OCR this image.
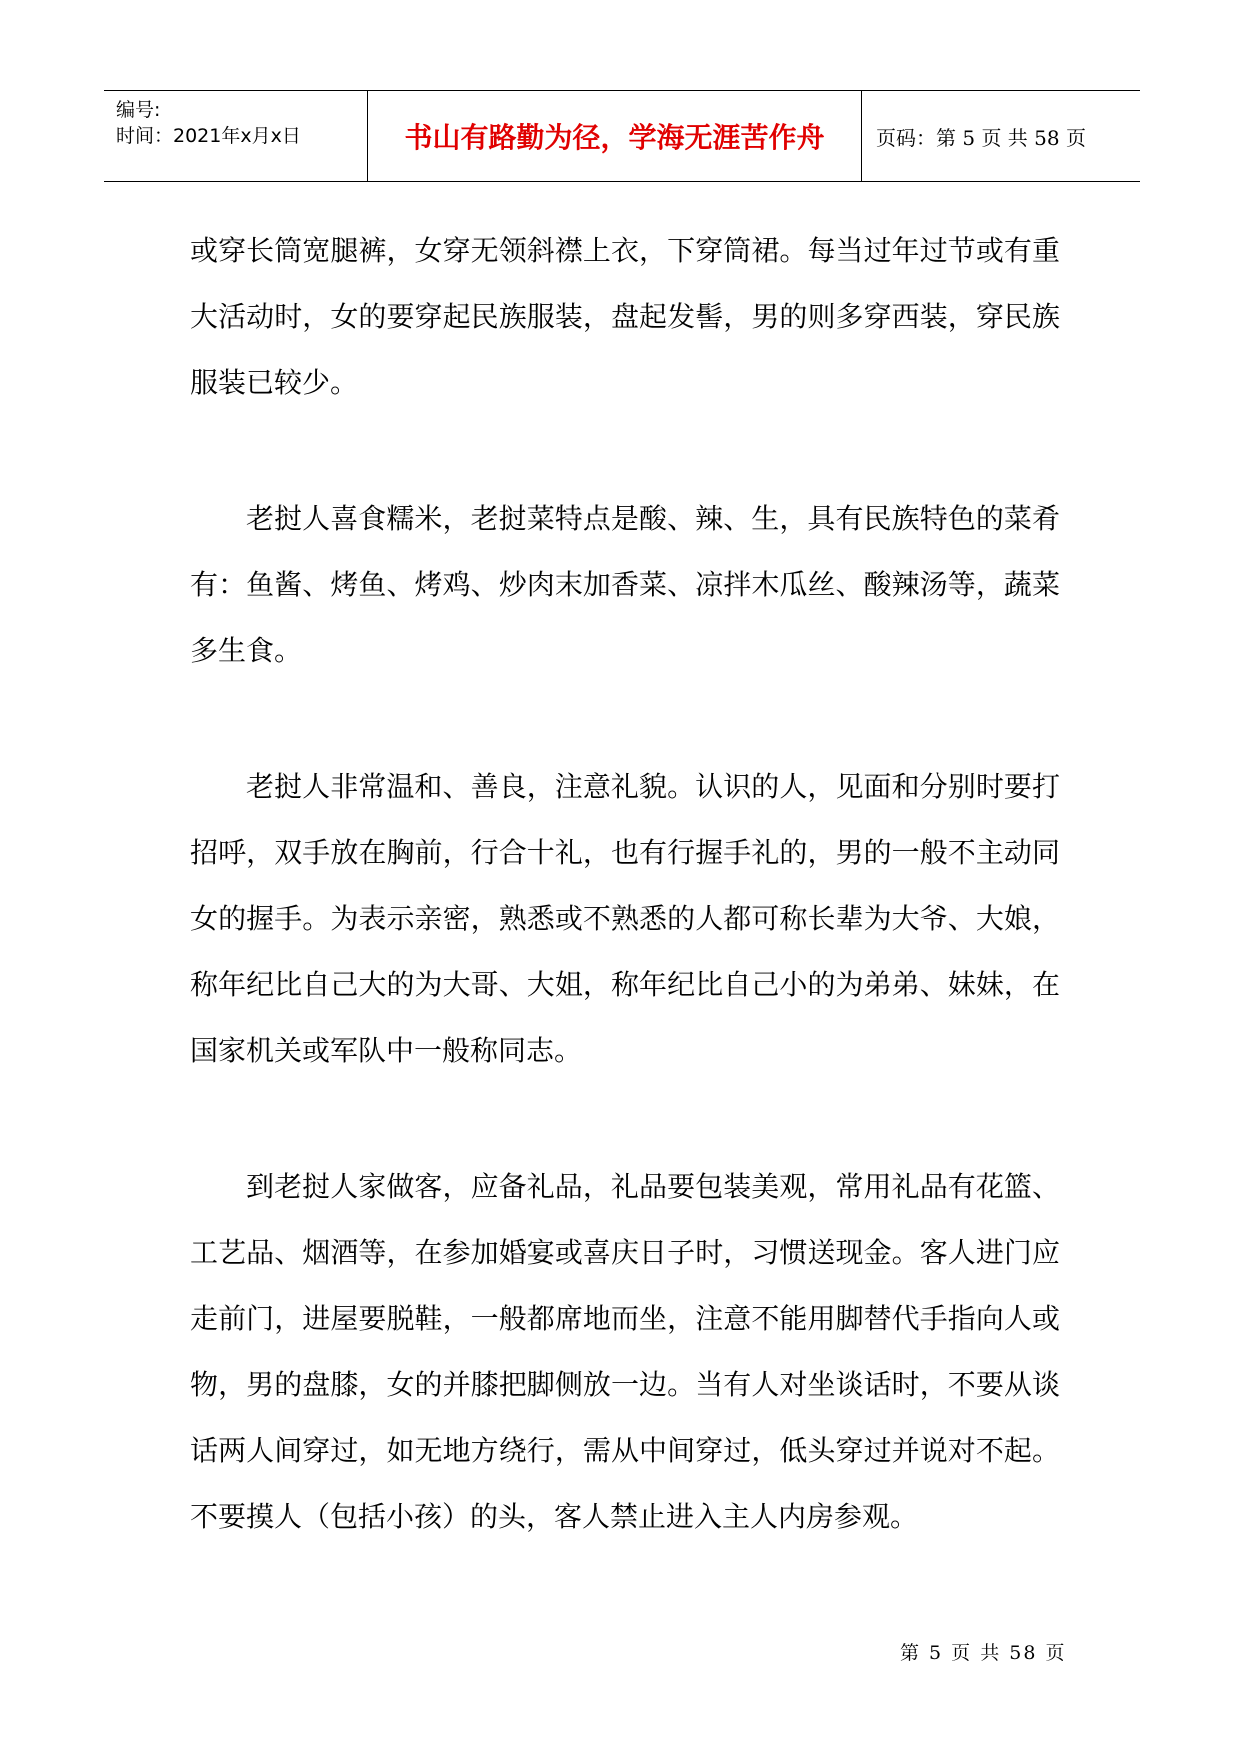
编号:
时间：2021年x月x日	书山有路勤为径，学海无涯苦作舟	页码：第 5 页 共 58 页

或穿长筒宽腿裤，女穿无领斜襟上衣，下穿筒裙。每当过年过节或有重大活动时，女的要穿起民族服装，盘起发髻，男的则多穿西装，穿民族服装已较少。

老挝人喜食糯米，老挝菜特点是酸、辣、生，具有民族特色的菜肴有：鱼酱、烤鱼、烤鸡、炒肉末加香菜、凉拌木瓜丝、酸辣汤等，蔬菜多生食。

老挝人非常温和、善良，注意礼貌。认识的人，见面和分别时要打招呼，双手放在胸前，行合十礼，也有行握手礼的，男的一般不主动同女的握手。为表示亲密，熟悉或不熟悉的人都可称长辈为大爷、大娘，称年纪比自己大的为大哥、大姐，称年纪比自己小的为弟弟、妹妹，在国家机关或军队中一般称同志。

到老挝人家做客，应备礼品，礼品要包装美观，常用礼品有花篮、工艺品、烟酒等，在参加婚宴或喜庆日子时，习惯送现金。客人进门应走前门，进屋要脱鞋，一般都席地而坐，注意不能用脚替代手指向人或物，男的盘膝，女的并膝把脚侧放一边。当有人对坐谈话时，不要从谈话两人间穿过，如无地方绕行，需从中间穿过，低头穿过并说对不起。不要摸人（包括小孩）的头，客人禁止进入主人内房参观。

第 5 页 共 58 页
